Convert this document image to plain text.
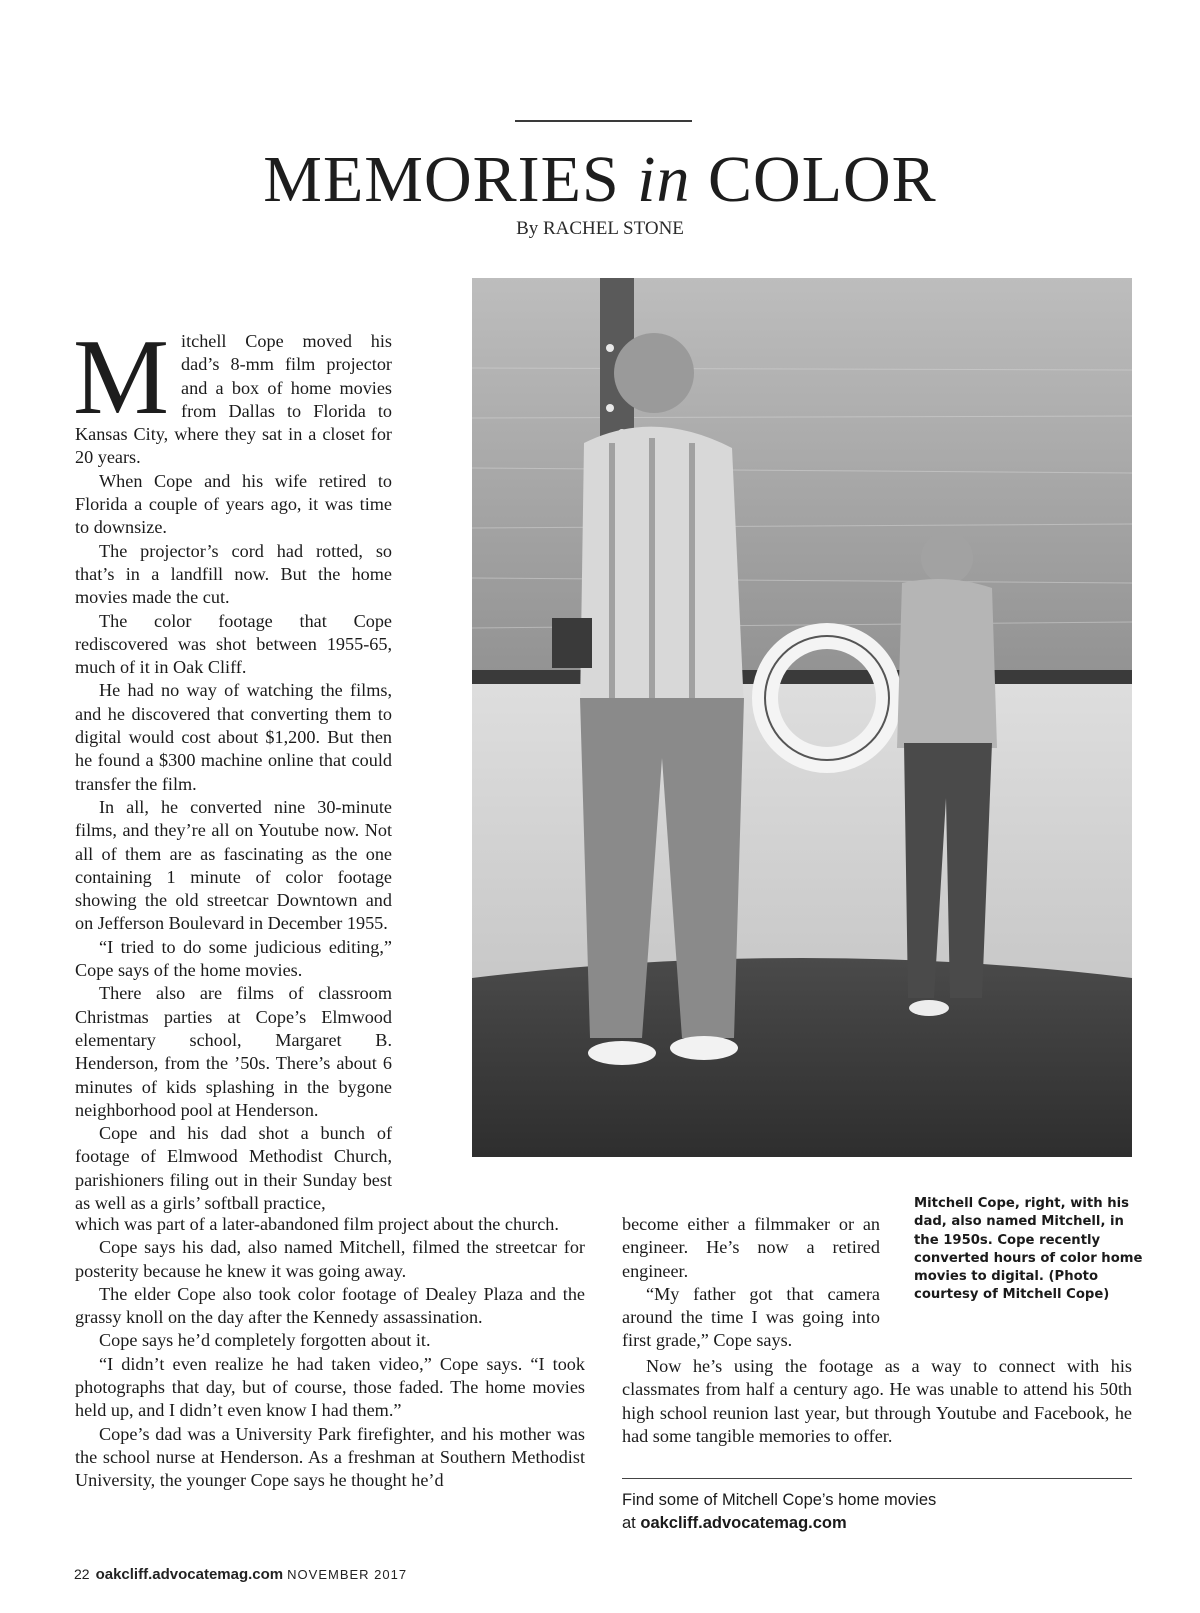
MEMORIES in COLOR
By RACHEL STONE
M itchell Cope moved his dad’s 8-mm film projector and a box of home movies from Dallas to Florida to Kansas City, where they sat in a closet for 20 years.

When Cope and his wife retired to Florida a couple of years ago, it was time to downsize.

The projector’s cord had rotted, so that’s in a landfill now. But the home movies made the cut.

The color footage that Cope rediscovered was shot between 1955-65, much of it in Oak Cliff.

He had no way of watching the films, and he discovered that converting them to digital would cost about $1,200. But then he found a $300 machine online that could transfer the film.

In all, he converted nine 30-minute films, and they’re all on Youtube now. Not all of them are as fascinating as the one containing 1 minute of color footage showing the old streetcar Downtown and on Jefferson Boulevard in December 1955.

“I tried to do some judicious editing,” Cope says of the home movies.

There also are films of classroom Christmas parties at Cope’s Elmwood elementary school, Margaret B. Henderson, from the ’50s. There’s about 6 minutes of kids splashing in the bygone neighborhood pool at Henderson.

Cope and his dad shot a bunch of footage of Elmwood Methodist Church, parishioners filing out in their Sunday best as well as a girls’ softball practice,

which was part of a later-abandoned film project about the church.

Cope says his dad, also named Mitchell, filmed the streetcar for posterity because he knew it was going away.

The elder Cope also took color footage of Dealey Plaza and the grassy knoll on the day after the Kennedy assassination.

Cope says he’d completely forgotten about it.

“I didn’t even realize he had taken video,” Cope says. “I took photographs that day, but of course, those faded. The home movies held up, and I didn’t even know I had them.”

Cope’s dad was a University Park firefighter, and his mother was the school nurse at Henderson. As a freshman at Southern Methodist University, the younger Cope says he thought he’d

become either a filmmaker or an engineer. He’s now a retired engineer.

“My father got that camera around the time I was going into first grade,” Cope says.

Now he’s using the footage as a way to connect with his classmates from half a century ago. He was unable to attend his 50th high school reunion last year, but through Youtube and Facebook, he had some tangible memories to offer.

Mitchell Cope, right, with his dad, also named Mitchell, in the 1950s. Cope recently converted hours of color home movies to digital. (Photo courtesy of Mitchell Cope)
Find some of Mitchell Cope’s home movies
at oakcliff.advocatemag.com
22 oakcliff.advocatemag.com NOVEMBER 2017
